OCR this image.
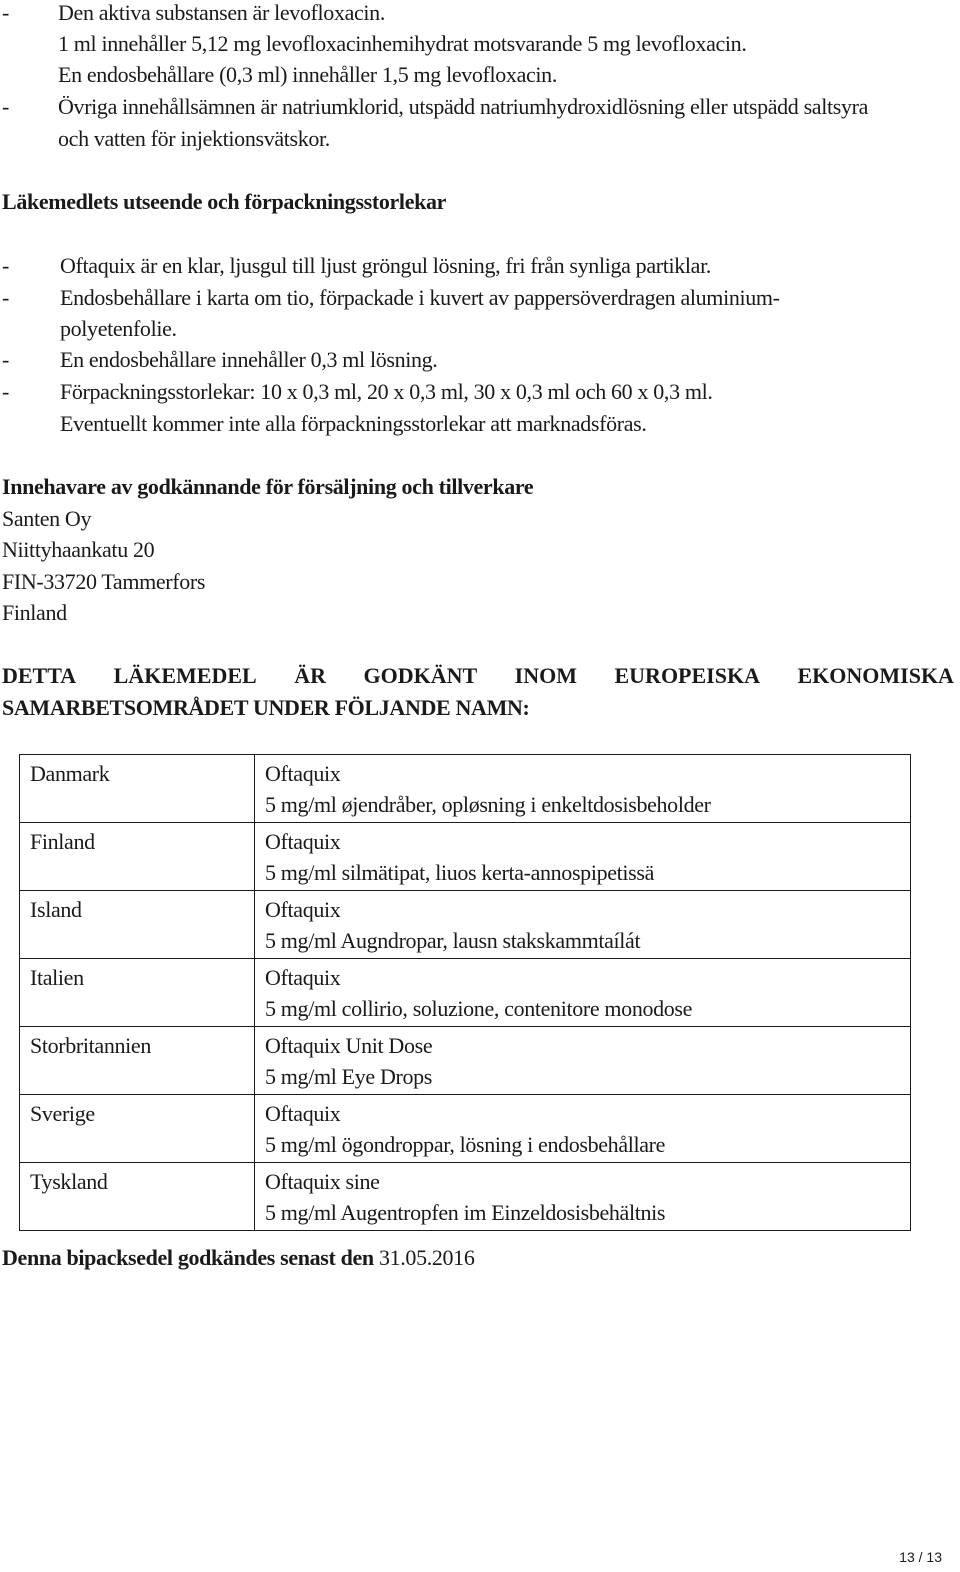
- Den aktiva substansen är levofloxacin.
1 ml innehåller 5,12 mg levofloxacinhemihydrat motsvarande 5 mg levofloxacin.
En endosbehållare (0,3 ml) innehåller 1,5 mg levofloxacin.
- Övriga innehållsämnen är natriumklorid, utspädd natriumhydroxidlösning eller utspädd saltsyra
och vatten för injektionsvätskor.
Läkemedlets utseende och förpackningsstorlekar
- Oftaquix är en klar, ljusgul till ljust gröngul lösning, fri från synliga partiklar.
- Endosbehållare i karta om tio, förpackade i kuvert av pappersöverdragen aluminium-
polyetenfolie.
- En endosbehållare innehåller 0,3 ml lösning.
- Förpackningsstorlekar: 10 x 0,3 ml, 20 x 0,3 ml, 30 x 0,3 ml och 60 x 0,3 ml.
Eventuellt kommer inte alla förpackningsstorlekar att marknadsföras.
Innehavare av godkännande för försäljning och tillverkare
Santen Oy
Niittyhaankatu 20
FIN-33720 Tammerfors
Finland
DETTA LÄKEMEDEL ÄR GODKÄNT INOM EUROPEISKA EKONOMISKA
SAMARBETSOMRÅDET UNDER FÖLJANDE NAMN:
Danmark	Oftaquix
5 mg/ml øjendråber, opløsning i enkeltdosisbeholder

Finland	Oftaquix
5 mg/ml silmätipat, liuos kerta-annospipetissä

Island	Oftaquix
5 mg/ml Augndropar, lausn stakskammtaílát

Italien	Oftaquix
5 mg/ml collirio, soluzione, contenitore monodose

Storbritannien	Oftaquix Unit Dose
5 mg/ml Eye Drops

Sverige	Oftaquix
5 mg/ml ögondroppar, lösning i endosbehållare

Tyskland	Oftaquix sine
5 mg/ml Augentropfen im Einzeldosisbehältnis
Denna bipacksedel godkändes senast den 31.05.2016
13 / 13
